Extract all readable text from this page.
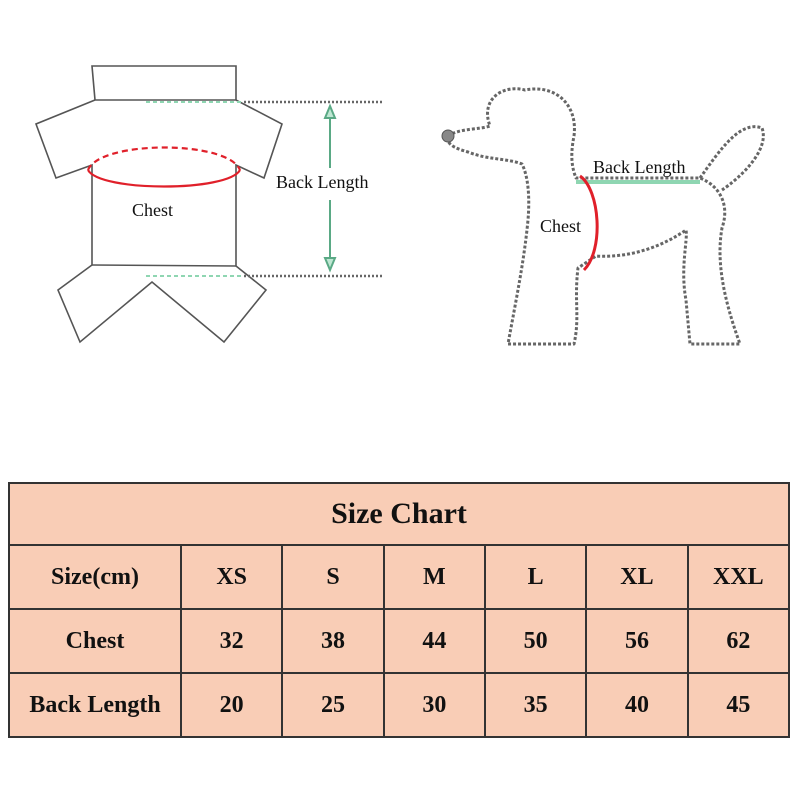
Chest
Back Length
Back Length
Chest
Size Chart						
Size(cm)	XS	S	M	L	XL	XXL
Chest	32	38	44	50	56	62
Back Length	20	25	30	35	40	45
